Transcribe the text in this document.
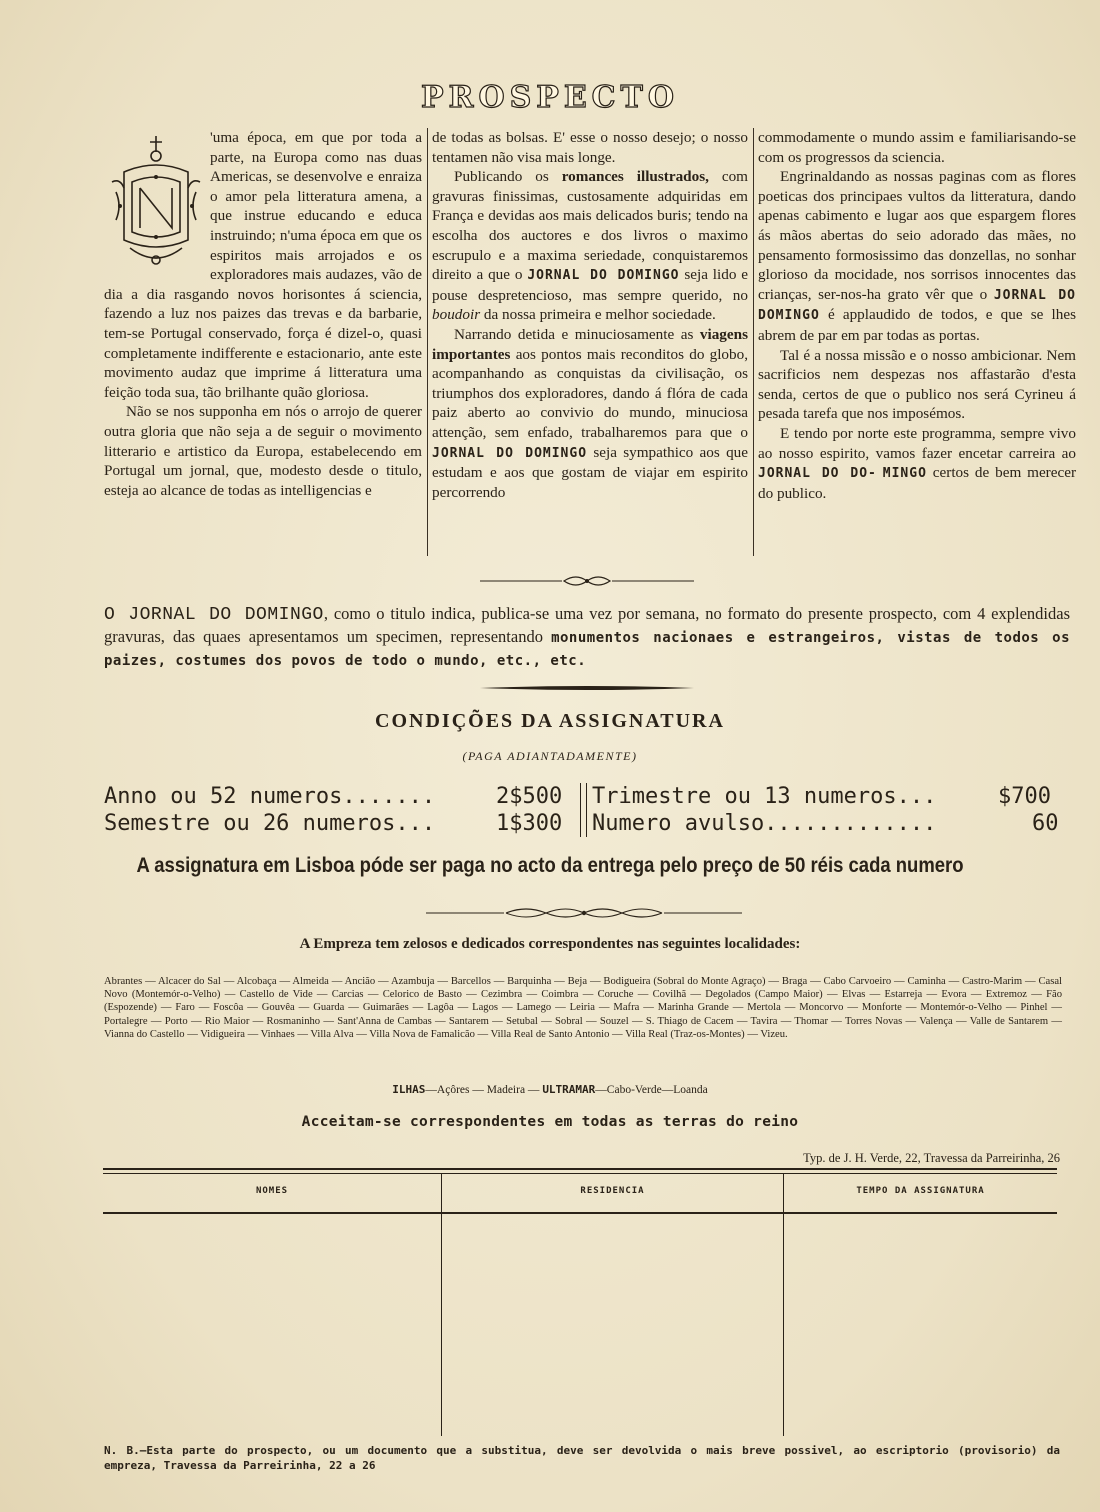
PROSPECTO

'uma época, em que por toda a parte, na Europa como nas duas Americas, se desenvolve e enraiza o amor pela litteratura amena, a que instrue educando e educa instruindo; n'uma época em que os espiritos mais arrojados e os exploradores mais audazes, vão de dia a dia rasgando novos horisontes á sciencia, fazendo a luz nos paizes das trevas e da barbarie, tem-se Portugal conservado, força é dizel-o, quasi completamente indifferente e estacionario, ante este movimento audaz que imprime á litteratura uma feição toda sua, tão brilhante quão gloriosa.

Não se nos supponha em nós o arrojo de querer outra gloria que não seja a de seguir o movimento litterario e artistico da Europa, estabelecendo em Portugal um jornal, que, modesto desde o titulo, esteja ao alcance de todas as intelligencias e

de todas as bolsas. E' esse o nosso desejo; o nosso tentamen não visa mais longe.

Publicando os romances illustrados, com gravuras finissimas, custosamente adquiridas em França e devidas aos mais delicados buris; tendo na escolha dos auctores e dos livros o maximo escrupulo e a maxima seriedade, conquistaremos direito a que o JORNAL DO DOMINGO seja lido e pouse despretencioso, mas sempre querido, no boudoir da nossa primeira e melhor sociedade.

Narrando detida e minuciosamente as viagens importantes aos pontos mais reconditos do globo, acompanhando as conquistas da civilisação, os triumphos dos exploradores, dando á flóra de cada paiz aberto ao convivio do mundo, minuciosa attenção, sem enfado, trabalharemos para que o JORNAL DO DOMINGO seja sympathico aos que estudam e aos que gostam de viajar em espirito percorrendo

commodamente o mundo assim e familiarisando-se com os progressos da sciencia.

Engrinaldando as nossas paginas com as flores poeticas dos principaes vultos da litteratura, dando apenas cabimento e lugar aos que espargem flores ás mãos abertas do seio adorado das mães, no pensamento formosissimo das donzellas, no sonhar glorioso da mocidade, nos sorrisos innocentes das crianças, ser-nos-ha grato vêr que o JORNAL DO DOMINGO é applaudido de todos, e que se lhes abrem de par em par todas as portas.

Tal é a nossa missão e o nosso ambicionar. Nem sacrificios nem despezas nos affastarão d'esta senda, certos de que o publico nos será Cyrineu á pesada tarefa que nos imposémos.

E tendo por norte este programma, sempre vivo ao nosso espirito, vamos fazer encetar carreira ao JORNAL DO DO- MINGO certos de bem merecer do publico.

O JORNAL DO DOMINGO, como o titulo indica, publica-se uma vez por semana, no formato do presente prospecto, com 4 explendidas gravuras, das quaes apresentamos um specimen, representando monumentos nacionaes e estrangeiros, vistas de todos os paizes, costumes dos povos de todo o mundo, etc., etc.
CONDIÇÕES DA ASSIGNATURA
(PAGA ADIANTADAMENTE)
Anno ou 52 numeros.......	2$500
Semestre ou 26 numeros...	1$300
Trimestre ou 13 numeros...	$700
Numero avulso.............	60
A assignatura em Lisboa póde ser paga no acto da entrega pelo preço de 50 réis cada numero
A Empreza tem zelosos e dedicados correspondentes nas seguintes localidades:
Abrantes — Alcacer do Sal — Alcobaça — Almeida — Ancião — Azambuja — Barcellos — Barquinha — Beja — Bodigueira (Sobral do Monte Agraço) — Braga — Cabo Carvoeiro — Caminha — Castro-Marim — Casal Novo (Montemór-o-Velho) — Castello de Vide — Carcias — Celorico de Basto — Cezimbra — Coimbra — Coruche — Covilhã — Degolados (Campo Maior) — Elvas — Estarreja — Evora — Extremoz — Fão (Espozende) — Faro — Foscôa — Gouvêa — Guarda — Guimarães — Lagôa — Lagos — Lamego — Leiria — Mafra — Marinha Grande — Mertola — Moncorvo — Monforte — Montemór-o-Velho — Pinhel — Portalegre — Porto — Rio Maior — Rosmaninho — Sant'Anna de Cambas — Santarem — Setubal — Sobral — Souzel — S. Thiago de Cacem — Tavira — Thomar — Torres Novas — Valença — Valle de Santarem — Vianna do Castello — Vidigueira — Vinhaes — Villa Alva — Villa Nova de Famalicão — Villa Real de Santo Antonio — Villa Real (Traz-os-Montes) — Vizeu.
ILHAS—Açôres — Madeira — ULTRAMAR—Cabo-Verde—Loanda
Acceitam-se correspondentes em todas as terras do reino
Typ. de J. H. Verde, 22, Travessa da Parreirinha, 26
NOMES	RESIDENCIA	TEMPO DA ASSIGNATURA
N. B.—Esta parte do prospecto, ou um documento que a substitua, deve ser devolvida o mais breve possivel, ao escriptorio (provisorio) da empreza, Travessa da Parreirinha, 22 a 26
